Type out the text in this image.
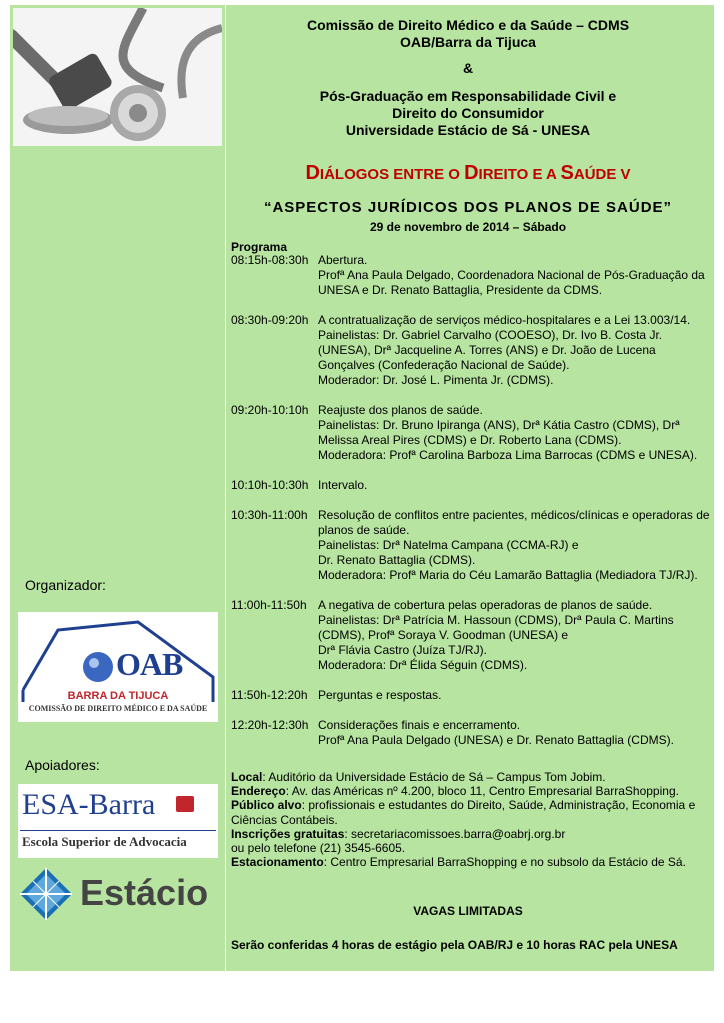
Comissão de Direito Médico e da Saúde – CDMS
OAB/Barra da Tijuca
&
Pós-Graduação em Responsabilidade Civil e
Direito do Consumidor
Universidade Estácio de Sá - UNESA
DIÁLOGOS ENTRE O DIREITO E A SAÚDE V
“ASPECTOS JURÍDICOS DOS PLANOS DE SAÚDE”
29 de novembro de 2014 – Sábado
Programa
08:15h-08:30h Abertura.
Profª Ana Paula Delgado, Coordenadora Nacional de Pós-Graduação da UNESA e Dr. Renato Battaglia, Presidente da CDMS.
08:30h-09:20h A contratualização de serviços médico-hospitalares e a Lei 13.003/14.
Painelistas: Dr. Gabriel Carvalho (COOESO), Dr. Ivo B. Costa Jr. (UNESA), Drª Jacqueline A. Torres (ANS) e Dr. João de Lucena Gonçalves (Confederação Nacional de Saúde).
Moderador: Dr. José L. Pimenta Jr. (CDMS).
09:20h-10:10h Reajuste dos planos de saúde.
Painelistas: Dr. Bruno Ipiranga (ANS), Drª Kátia Castro (CDMS), Drª Melissa Areal Pires (CDMS) e Dr. Roberto Lana (CDMS).
Moderadora: Profª Carolina Barboza Lima Barrocas (CDMS e UNESA).
10:10h-10:30h Intervalo.
10:30h-11:00h Resolução de conflitos entre pacientes, médicos/clínicas e operadoras de planos de saúde.
Painelistas: Drª Natelma Campana (CCMA-RJ) e
Dr. Renato Battaglia (CDMS).
Moderadora: Profª Maria do Céu Lamarão Battaglia (Mediadora TJ/RJ).
11:00h-11:50h A negativa de cobertura pelas operadoras de planos de saúde.
Painelistas: Drª Patrícia M. Hassoun (CDMS), Drª Paula C. Martins (CDMS), Profª Soraya V. Goodman (UNESA) e
Drª Flávia Castro (Juíza TJ/RJ).
Moderadora: Drª Élida Séguin (CDMS).
11:50h-12:20h Perguntas e respostas.
12:20h-12:30h Considerações finais e encerramento.
Profª Ana Paula Delgado (UNESA) e Dr. Renato Battaglia (CDMS).
Local: Auditório da Universidade Estácio de Sá – Campus Tom Jobim.
Endereço: Av. das Américas nº 4.200, bloco 11, Centro Empresarial BarraShopping.
Público alvo: profissionais e estudantes do Direito, Saúde, Administração, Economia e Ciências Contábeis.
Inscrições gratuitas: secretariacomissoes.barra@oabrj.org.br
ou pelo telefone (21) 3545-6605.
Estacionamento: Centro Empresarial BarraShopping e no subsolo da Estácio de Sá.
VAGAS LIMITADAS
Serão conferidas 4 horas de estágio pela OAB/RJ e 10 horas RAC pela UNESA
Organizador:
OAB
BARRA DA TIJUCA
COMISSÃO DE DIREITO MÉDICO E DA SAÚDE
Apoiadores:
ESA-Barra
Escola Superior de Advocacia
Estácio
